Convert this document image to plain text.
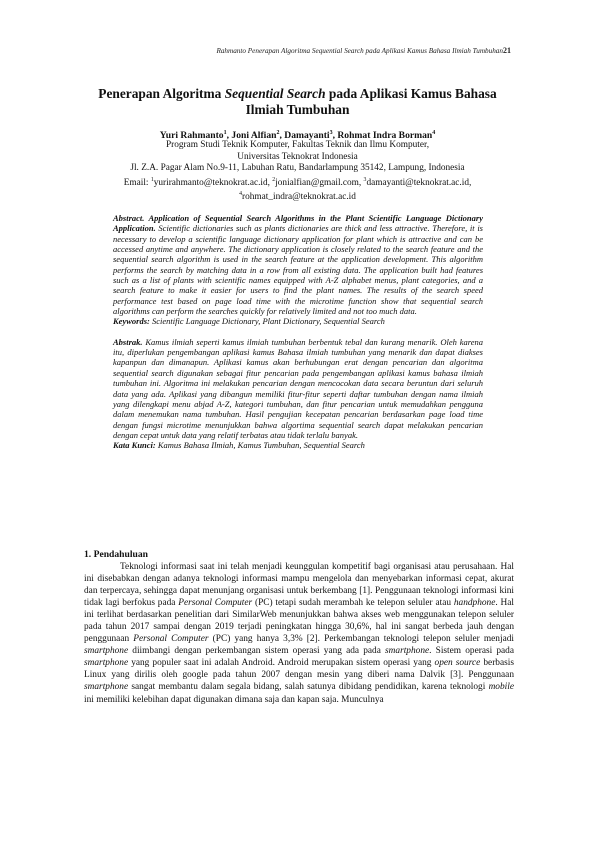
Rahmanto Penerapan Algoritma Sequential Search pada Aplikasi Kamus Bahasa Ilmiah Tumbuhan21
Penerapan Algoritma Sequential Search pada Aplikasi Kamus Bahasa Ilmiah Tumbuhan
Yuri Rahmanto$^1$, Joni Alfian$^2$, Damayanti$^3$, Rohmat Indra Borman$^4$
Program Studi Teknik Komputer, Fakultas Teknik dan Ilmu Komputer,
Universitas Teknokrat Indonesia
Jl. Z.A. Pagar Alam No.9-11, Labuhan Ratu, Bandarlampung 35142, Lampung, Indonesia
Email: $^1$yurirahmanto@teknokrat.ac.id, $^2$jonialfian@gmail.com, $^3$damayanti@teknokrat.ac.id,
$^4$rohmat_indra@teknokrat.ac.id

Abstract. Application of Sequential Search Algorithms in the Plant Scientific Language Dictionary Application. Scientific dictionaries such as plants dictionaries are thick and less attractive. Therefore, it is necessary to develop a scientific language dictionary application for plant which is attractive and can be accessed anytime and anywhere. The dictionary application is closely related to the search feature and the sequential search algorithm is used in the search feature at the application development. This algorithm performs the search by matching data in a row from all existing data. The application built had features such as a list of plants with scientific names equipped with A-Z alphabet menus, plant categories, and a search feature to make it easier for users to find the plant names. The results of the search speed performance test based on page load time with the microtime function show that sequential search algorithms can perform the searches quickly for relatively limited and not too much data.

Keywords: Scientific Language Dictionary, Plant Dictionary, Sequential Search

Abstrak. Kamus ilmiah seperti kamus ilmiah tumbuhan berbentuk tebal dan kurang menarik. Oleh karena itu, diperlukan pengembangan aplikasi kamus Bahasa ilmiah tumbuhan yang menarik dan dapat diakses kapanpun dan dimanapun. Aplikasi kamus akan berhubungan erat dengan pencarian dan algoritma sequential search digunakan sebagai fitur pencarian pada pengembangan aplikasi kamus bahasa ilmiah tumbuhan ini. Algoritma ini melakukan pencarian dengan mencocokan data secara beruntun dari seluruh data yang ada. Aplikasi yang dibangun memiliki fitur-fitur seperti daftar tumbuhan dengan nama ilmiah yang dilengkapi menu abjad A-Z, kategori tumbuhan, dan fitur pencarian untuk memudahkan pengguna dalam menemukan nama tumbuhan. Hasil pengujian kecepatan pencarian berdasarkan page load time dengan fungsi microtime menunjukkan bahwa algortima sequential search dapat melakukan pencarian dengan cepat untuk data yang relatif terbatas atau tidak terlalu banyak.

Kata Kunci: Kamus Bahasa Ilmiah, Kamus Tumbuhan, Sequential Search

1. Pendahuluan

Teknologi informasi saat ini telah menjadi keunggulan kompetitif bagi organisasi atau perusahaan. Hal ini disebabkan dengan adanya teknologi informasi mampu mengelola dan menyebarkan informasi cepat, akurat dan terpercaya, sehingga dapat menunjang organisasi untuk berkembang [1]. Penggunaan teknologi informasi kini tidak lagi berfokus pada Personal Computer (PC) tetapi sudah merambah ke telepon seluler atau handphone. Hal ini terlihat berdasarkan penelitian dari SimilarWeb menunjukkan bahwa akses web menggunakan telepon seluler pada tahun 2017 sampai dengan 2019 terjadi peningkatan hingga 30,6%, hal ini sangat berbeda jauh dengan penggunaan Personal Computer (PC) yang hanya 3,3% [2]. Perkembangan teknologi telepon seluler menjadi smartphone diimbangi dengan perkembangan sistem operasi yang ada pada smartphone. Sistem operasi pada smartphone yang populer saat ini adalah Android. Android merupakan sistem operasi yang open source berbasis Linux yang dirilis oleh google pada tahun 2007 dengan mesin yang diberi nama Dalvik [3]. Penggunaan smartphone sangat membantu dalam segala bidang, salah satunya dibidang pendidikan, karena teknologi mobile ini memiliki kelebihan dapat digunakan dimana saja dan kapan saja. Munculnya
